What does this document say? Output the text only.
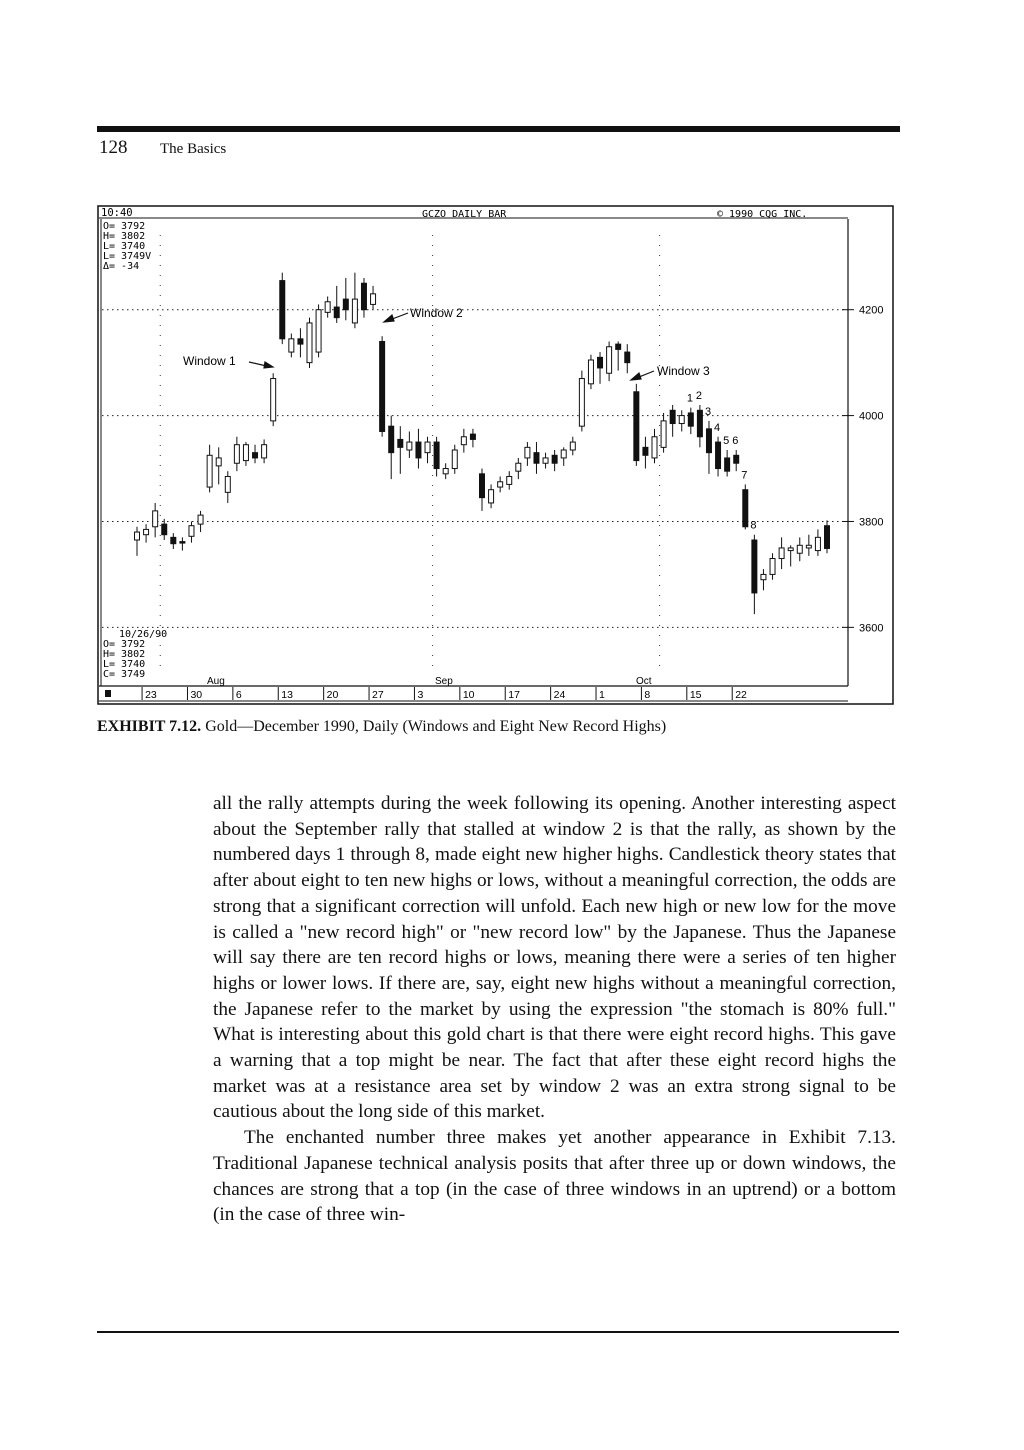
128 The Basics
10:40	GCZO DAILY BAR	© 1990 CQG INC.
O= 3792
H= 3802
L= 3740
L= 3749V
Δ= -34
10/26/90
O= 3792
H= 3802
L= 3740
C= 3749
4200
4000
3800
3600
Aug	Sep	Oct
23	30	6	13	20	27	3	10	17	24	1	8	15	22
Window 1
Window 2
Window 3
1 2
3
4
5 6
7
8
EXHIBIT 7.12. Gold—December 1990, Daily (Windows and Eight New Record Highs)

all the rally attempts during the week following its opening. Another interesting aspect about the September rally that stalled at window 2 is that the rally, as shown by the numbered days 1 through 8, made eight new higher highs. Candlestick theory states that after about eight to ten new highs or lows, without a meaningful correction, the odds are strong that a significant correction will unfold. Each new high or new low for the move is called a "new record high" or "new record low" by the Japanese. Thus the Japanese will say there are ten record highs or lows, meaning there were a series of ten higher highs or lower lows. If there are, say, eight new highs without a meaningful correction, the Japanese refer to the market by using the expression "the stomach is 80% full." What is interesting about this gold chart is that there were eight record highs. This gave a warning that a top might be near. The fact that after these eight record highs the market was at a resistance area set by window 2 was an extra strong signal to be cautious about the long side of this market.

The enchanted number three makes yet another appearance in Exhibit 7.13. Traditional Japanese technical analysis posits that after three up or down windows, the chances are strong that a top (in the case of three windows in an uptrend) or a bottom (in the case of three win-
